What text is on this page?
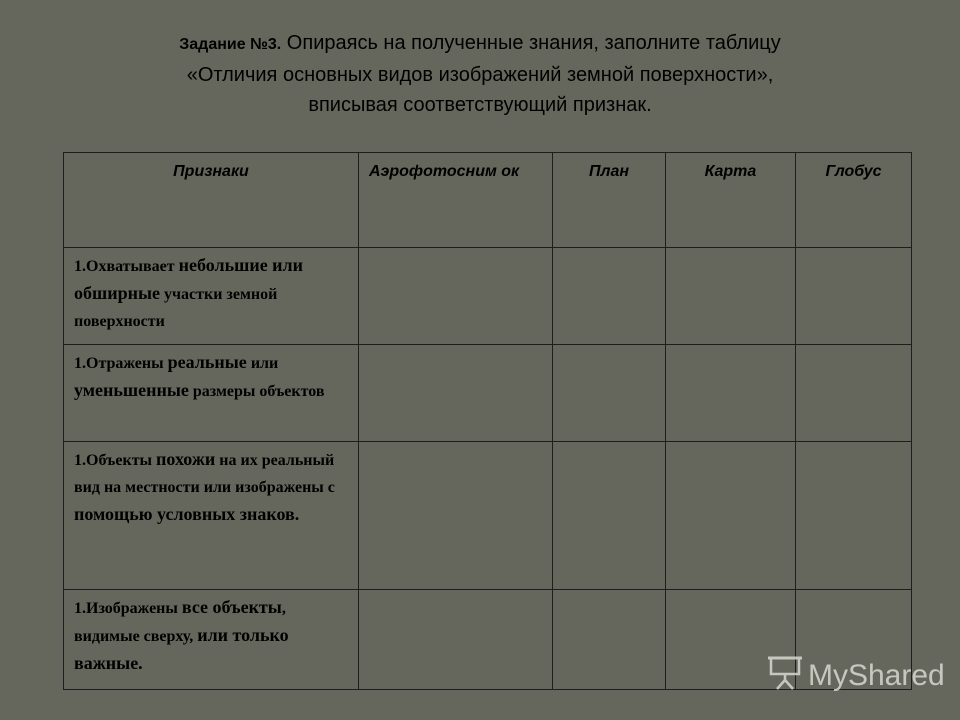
Задание №3. Опираясь на полученные знания, заполните таблицу
«Отличия основных видов изображений земной поверхности»,
вписывая соответствующий признак.
Признаки	Аэрофотосним ок	План	Карта	Глобус
1.Охватывает небольшие или обширные участки земной поверхности				
1.Отражены реальные или уменьшенные размеры объектов				
1.Объекты похожи на их реальный вид на местности или изображены с помощью условных знаков.				
1.Изображены все объекты, видимые сверху, или только важные.					MyShared
